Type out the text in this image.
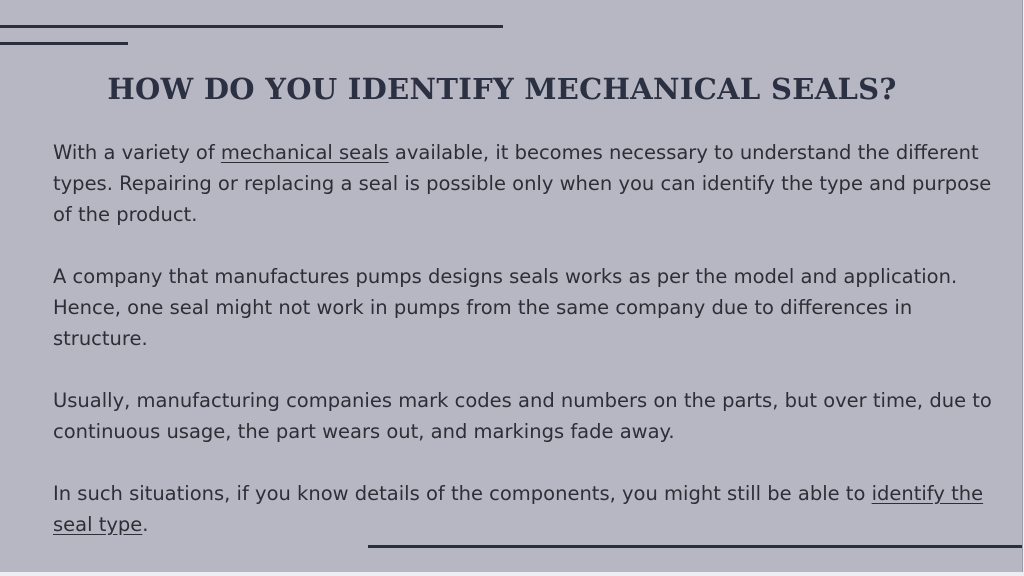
HOW DO YOU IDENTIFY MECHANICAL SEALS?

With a variety of mechanical seals available, it becomes necessary to understand the different types. Repairing or replacing a seal is possible only when you can identify the type and purpose of the product.

A company that manufactures pumps designs seals works as per the model and application. Hence, one seal might not work in pumps from the same company due to differences in structure.

Usually, manufacturing companies mark codes and numbers on the parts, but over time, due to continuous usage, the part wears out, and markings fade away.

In such situations, if you know details of the components, you might still be able to identify the seal type.
